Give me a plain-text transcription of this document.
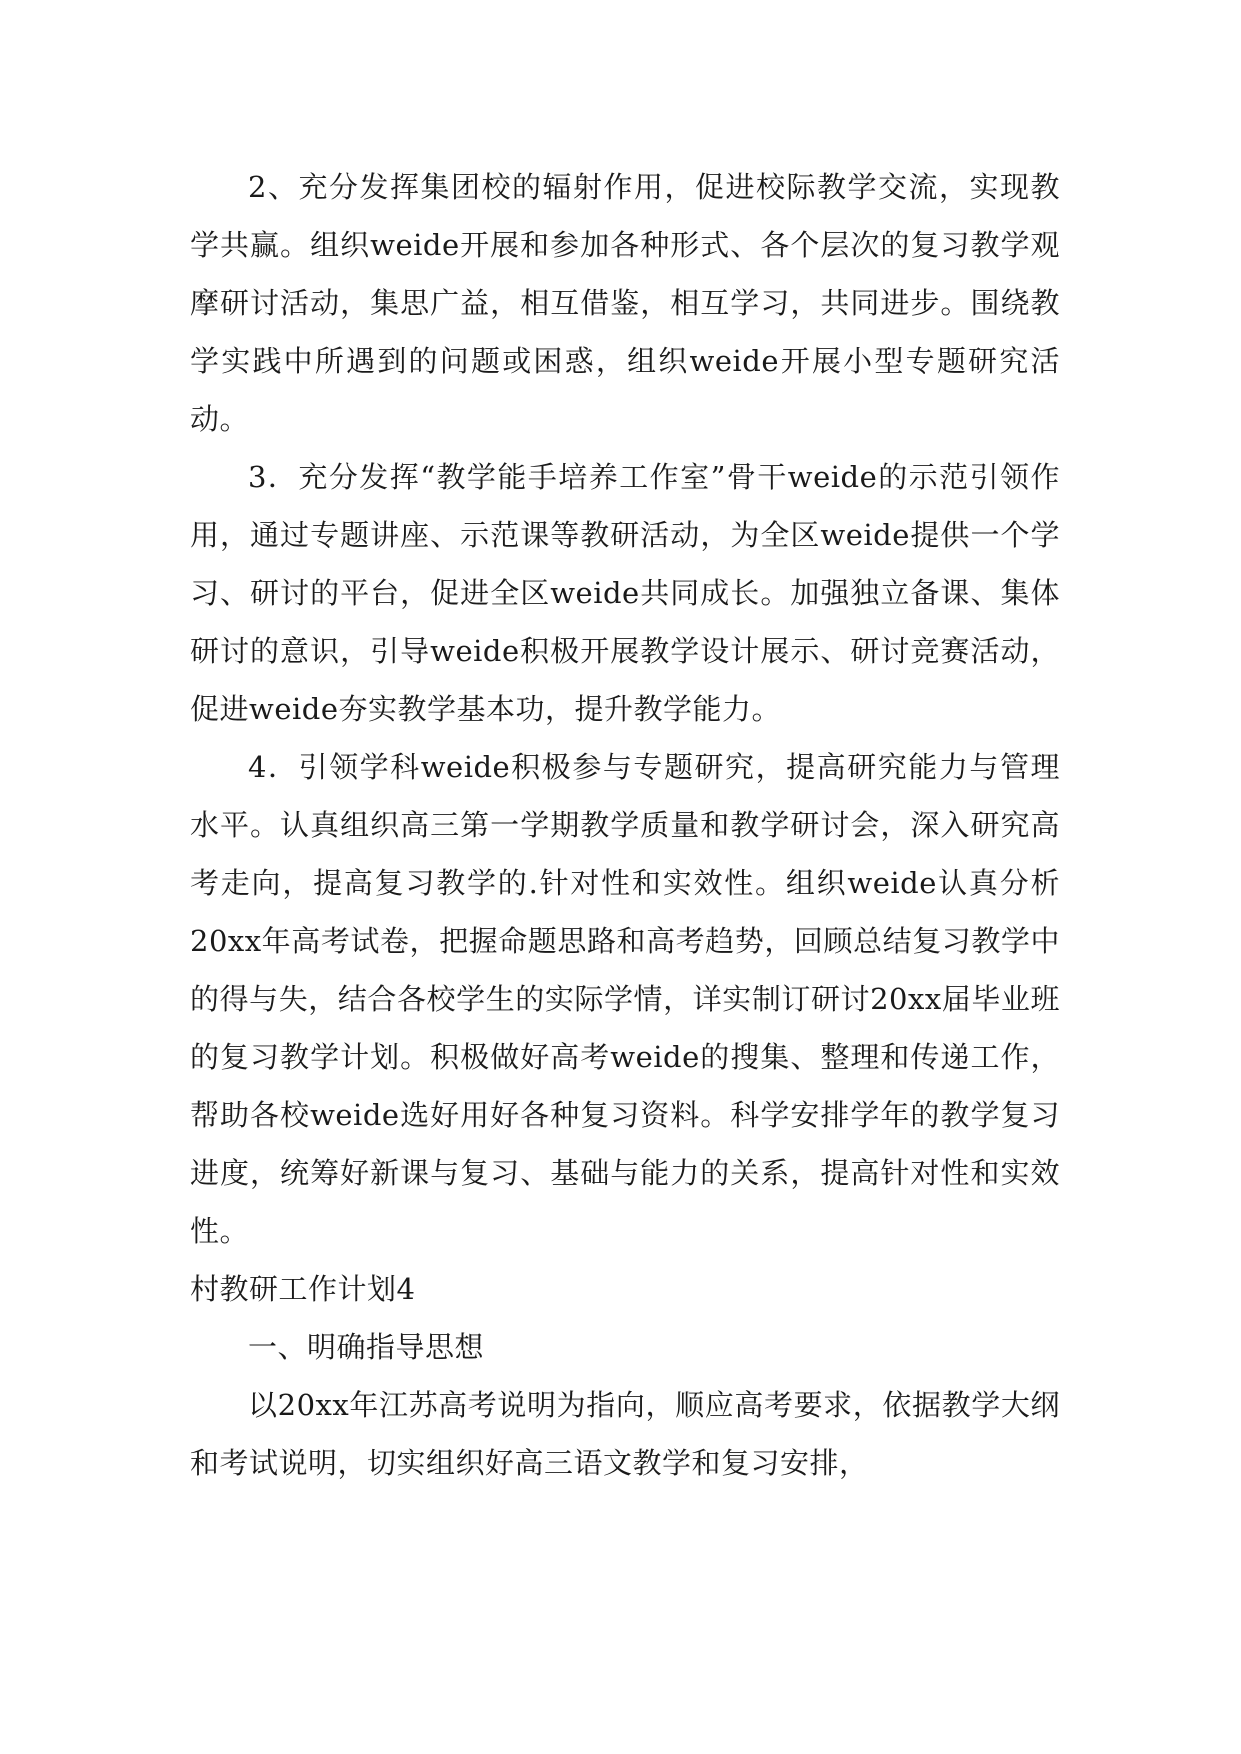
2、充分发挥集团校的辐射作用，促进校际教学交流，实现教学共赢。组织weide开展和参加各种形式、各个层次的复习教学观摩研讨活动，集思广益，相互借鉴，相互学习，共同进步。围绕教学实践中所遇到的问题或困惑，组织weide开展小型专题研究活动。

3．充分发挥“教学能手培养工作室”骨干weide的示范引领作用，通过专题讲座、示范课等教研活动，为全区weide提供一个学习、研讨的平台，促进全区weide共同成长。加强独立备课、集体研讨的意识，引导weide积极开展教学设计展示、研讨竞赛活动，促进weide夯实教学基本功，提升教学能力。

4．引领学科weide积极参与专题研究，提高研究能力与管理水平。认真组织高三第一学期教学质量和教学研讨会，深入研究高考走向，提高复习教学的.针对性和实效性。组织weide认真分析20xx年高考试卷，把握命题思路和高考趋势，回顾总结复习教学中的得与失，结合各校学生的实际学情，详实制订研讨20xx届毕业班的复习教学计划。积极做好高考weide的搜集、整理和传递工作，帮助各校weide选好用好各种复习资料。科学安排学年的教学复习进度，统筹好新课与复习、基础与能力的关系，提高针对性和实效性。

村教研工作计划4

一、明确指导思想

以20xx年江苏高考说明为指向，顺应高考要求，依据教学大纲和考试说明，切实组织好高三语文教学和复习安排，
